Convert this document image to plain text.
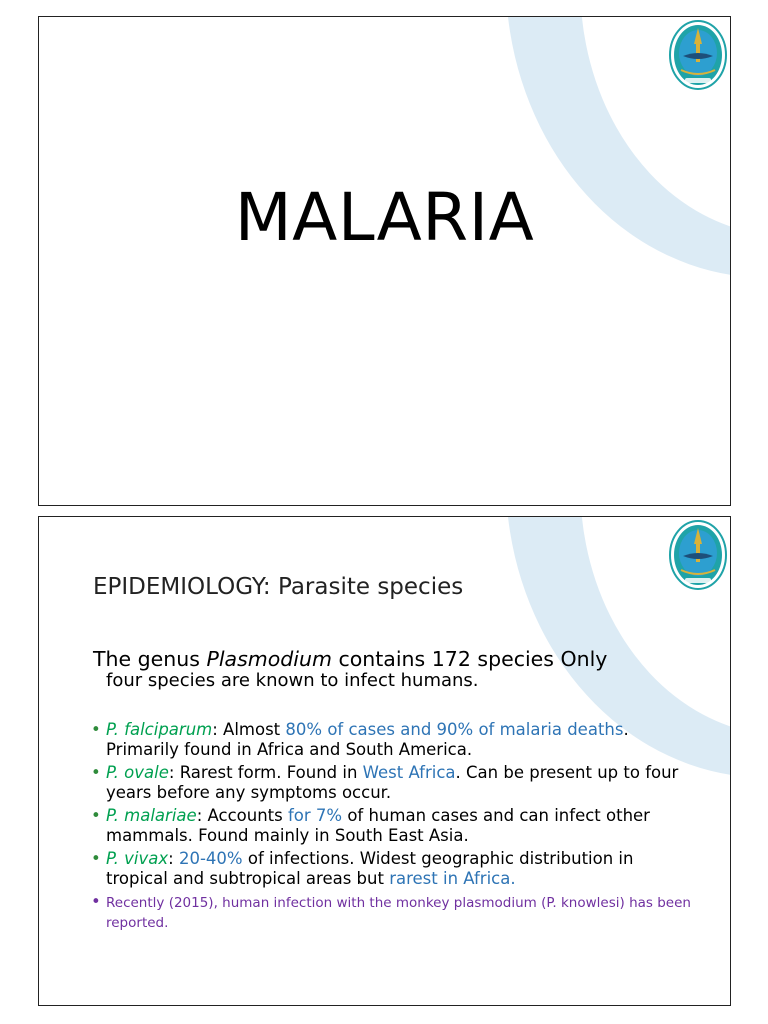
MALARIA
EPIDEMIOLOGY: Parasite species
The genus Plasmodium contains 172 species Only
four species are known to infect humans.
• P. falciparum: Almost 80% of cases and 90% of malaria deaths. Primarily found in Africa and South America.
• P. ovale: Rarest form. Found in West Africa. Can be present up to four years before any symptoms occur.
• P. malariae: Accounts for 7% of human cases and can infect other mammals. Found mainly in South East Asia.
• P. vivax: 20-40% of infections. Widest geographic distribution in tropical and subtropical areas but rarest in Africa.
• Recently (2015), human infection with the monkey plasmodium (P. knowlesi) has been reported.
